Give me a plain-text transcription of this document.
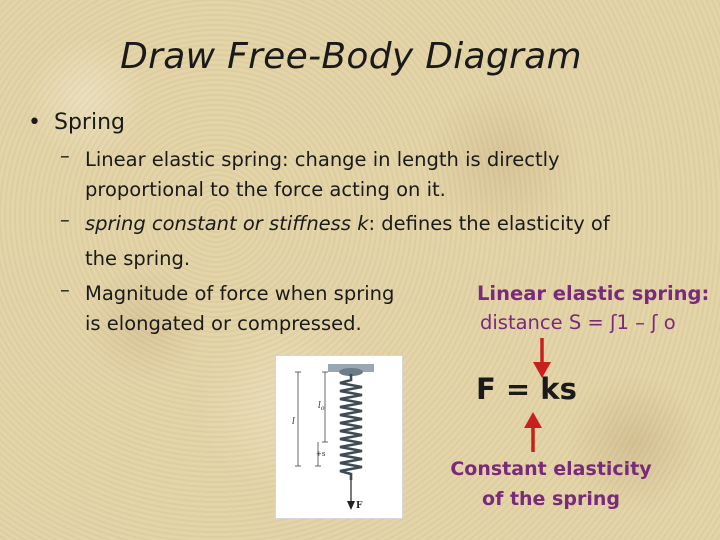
Draw Free-Body Diagram
• Spring
– Linear elastic spring: change in length is directly
proportional to the force acting on it.
– spring constant or stiffness k: defines the elasticity of
the spring.
– Magnitude of force when spring
is elongated or compressed.
$l_o$
l
+s
F
Linear elastic spring:
distance S = ʃ1 – ʃ o
F = ks
Constant elasticity
of the spring
